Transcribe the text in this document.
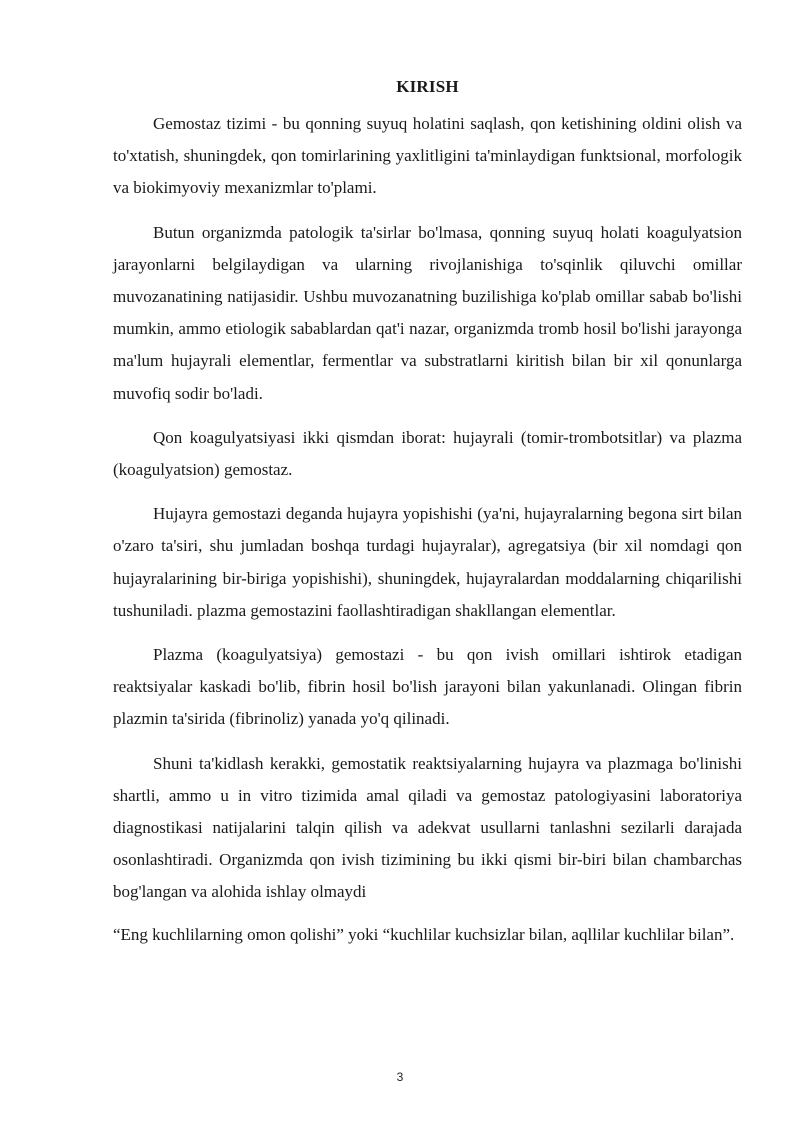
KIRISH

Gemostaz tizimi - bu qonning suyuq holatini saqlash, qon ketishining oldini olish va to'xtatish, shuningdek, qon tomirlarining yaxlitligini ta'minlaydigan funktsional, morfologik va biokimyoviy mexanizmlar to'plami.

Butun organizmda patologik ta'sirlar bo'lmasa, qonning suyuq holati koagulyatsion jarayonlarni belgilaydigan va ularning rivojlanishiga to'sqinlik qiluvchi omillar muvozanatining natijasidir. Ushbu muvozanatning buzilishiga ko'plab omillar sabab bo'lishi mumkin, ammo etiologik sabablardan qat'i nazar, organizmda tromb hosil bo'lishi jarayonga ma'lum hujayrali elementlar, fermentlar va substratlarni kiritish bilan bir xil qonunlarga muvofiq sodir bo'ladi.

Qon koagulyatsiyasi ikki qismdan iborat: hujayrali (tomir-trombotsitlar) va plazma (koagulyatsion) gemostaz.

Hujayra gemostazi deganda hujayra yopishishi (ya'ni, hujayralarning begona sirt bilan o'zaro ta'siri, shu jumladan boshqa turdagi hujayralar), agregatsiya (bir xil nomdagi qon hujayralarining bir-biriga yopishishi), shuningdek, hujayralardan moddalarning chiqarilishi tushuniladi. plazma gemostazini faollashtiradigan shakllangan elementlar.

Plazma (koagulyatsiya) gemostazi - bu qon ivish omillari ishtirok etadigan reaktsiyalar kaskadi bo'lib, fibrin hosil bo'lish jarayoni bilan yakunlanadi. Olingan fibrin plazmin ta'sirida (fibrinoliz) yanada yo'q qilinadi.

Shuni ta'kidlash kerakki, gemostatik reaktsiyalarning hujayra va plazmaga bo'linishi shartli, ammo u in vitro tizimida amal qiladi va gemostaz patologiyasini laboratoriya diagnostikasi natijalarini talqin qilish va adekvat usullarni tanlashni sezilarli darajada osonlashtiradi. Organizmda qon ivish tizimining bu ikki qismi bir-biri bilan chambarchas bog'langan va alohida ishlay olmaydi

“Eng kuchlilarning omon qolishi” yoki “kuchlilar kuchsizlar bilan, aqllilar kuchlilar bilan”.

3
